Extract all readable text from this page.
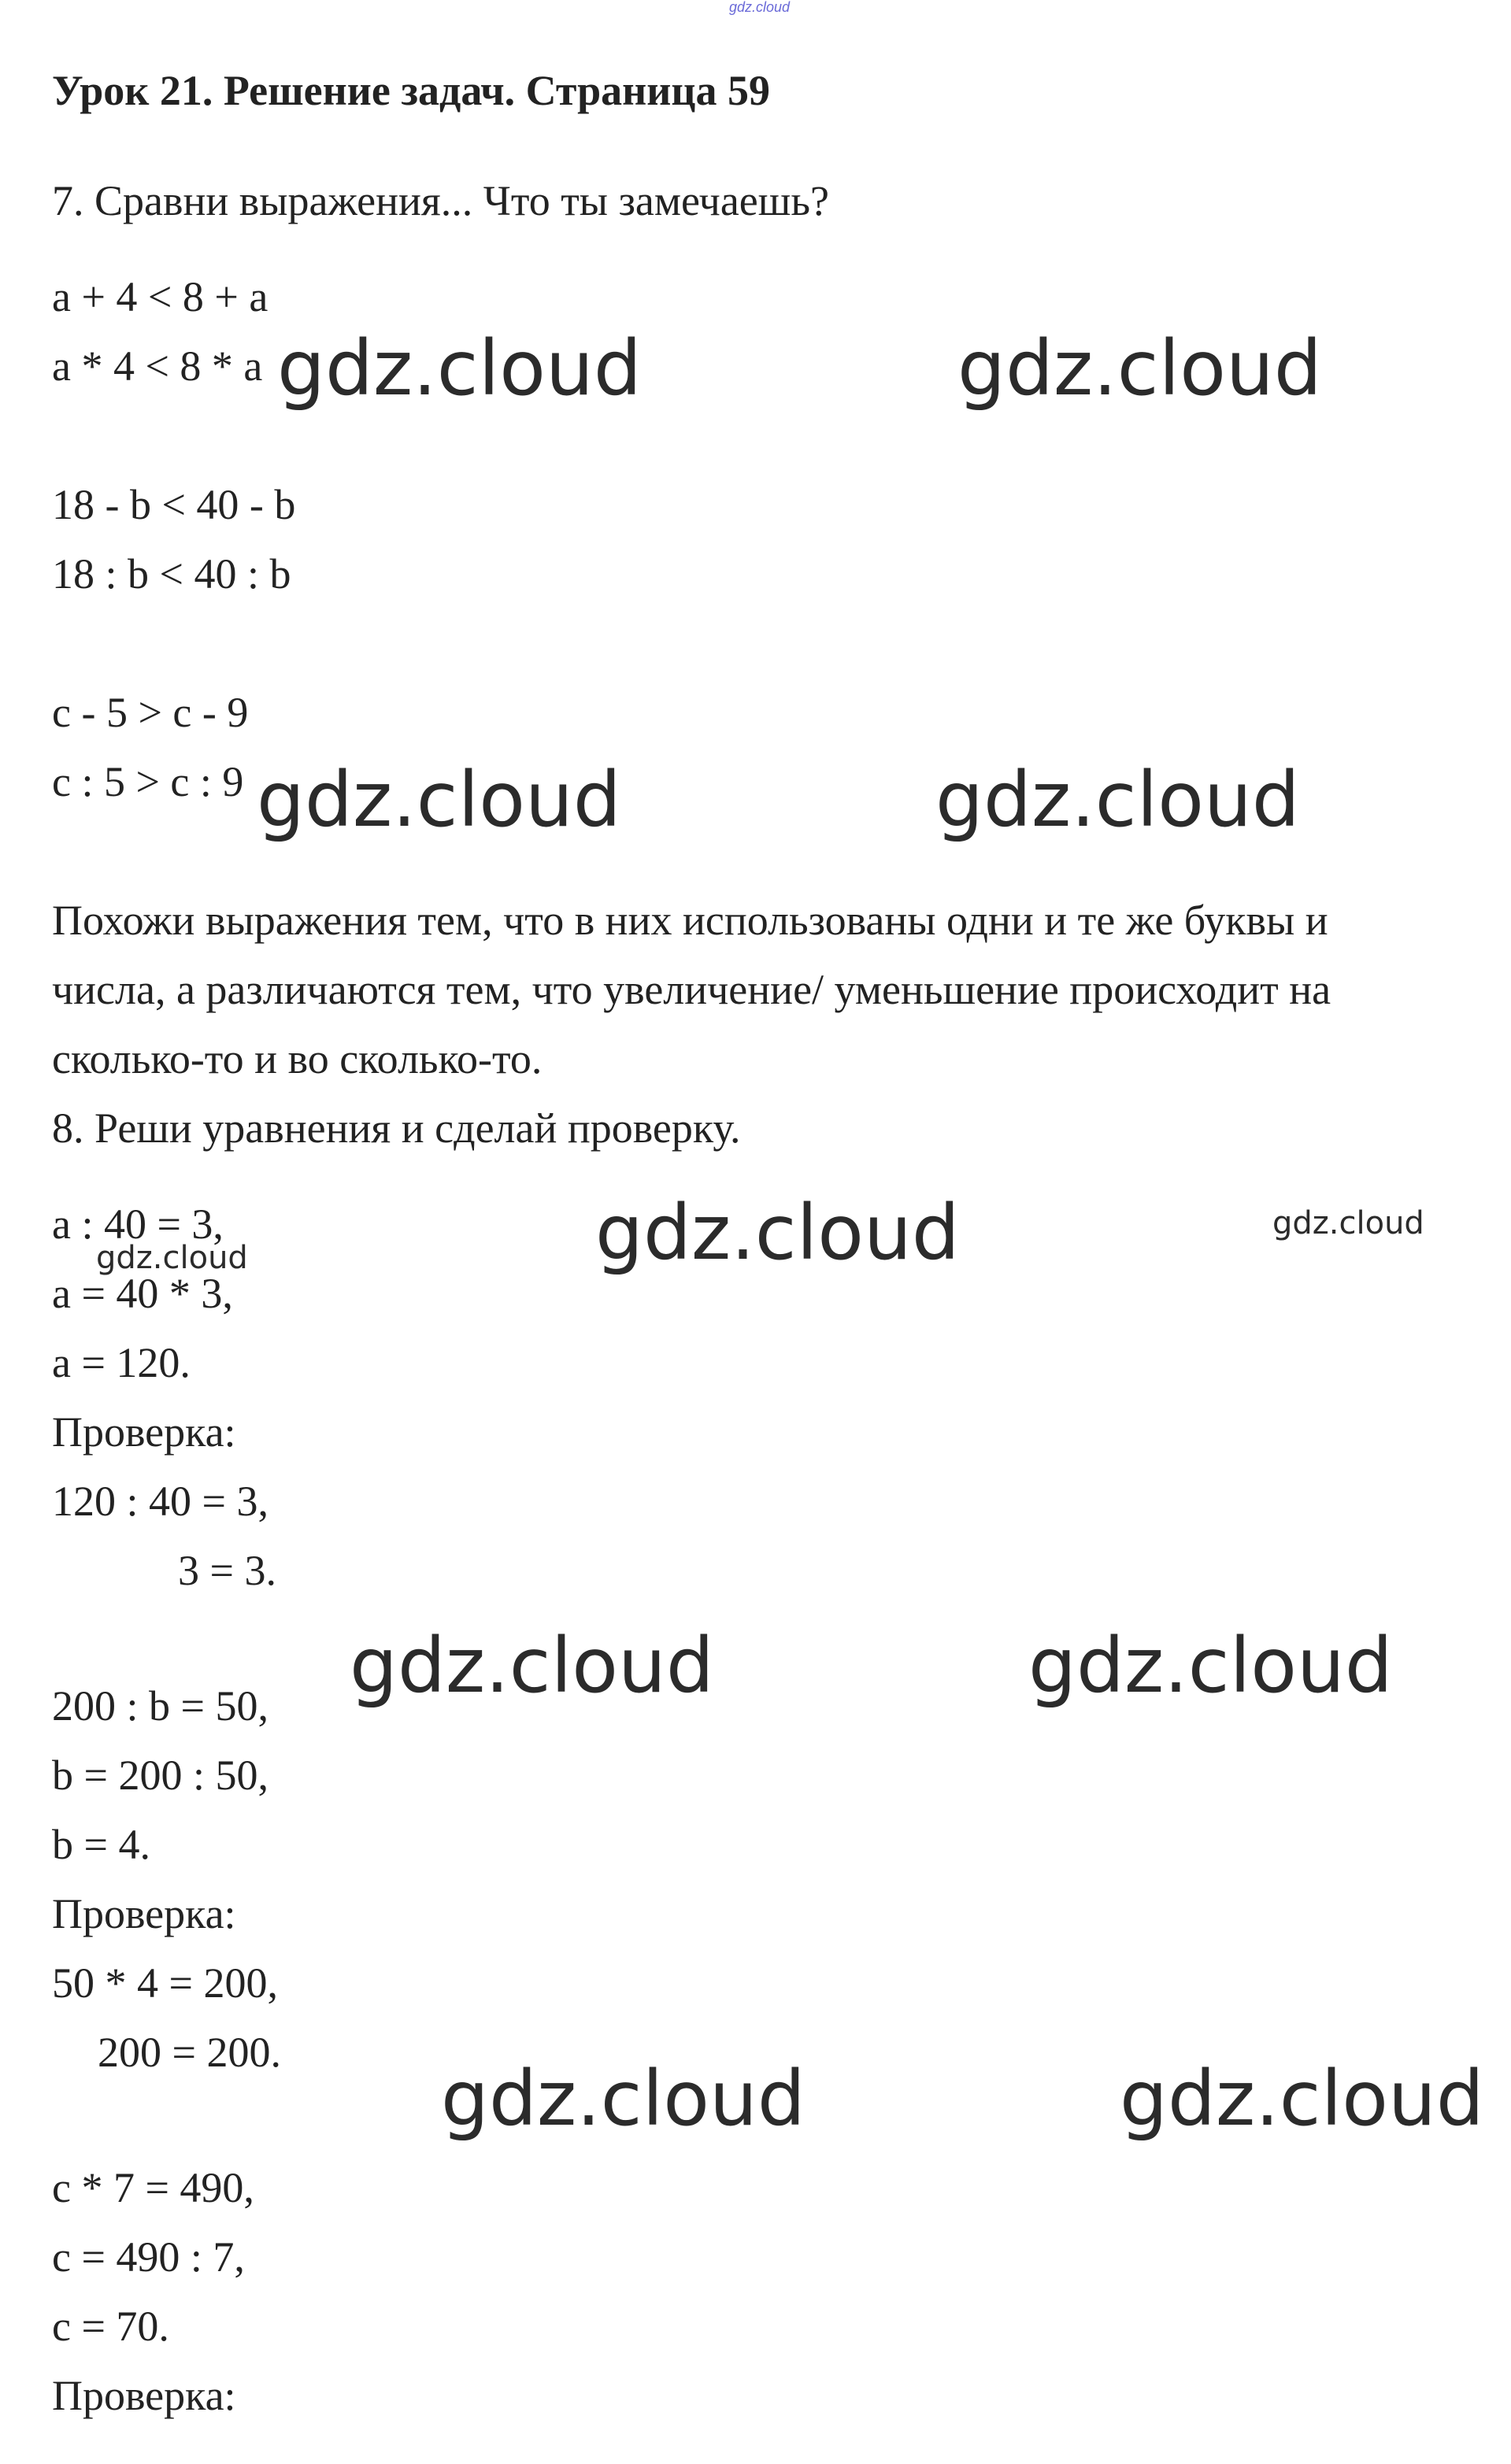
gdz.cloud
Урок 21. Решение задач. Страница 59
7. Сравни выражения... Что ты замечаешь?
a + 4 < 8 + a
a * 4 < 8 * a
18 - b < 40 - b
18 : b < 40 : b
c - 5 > c - 9
c : 5 > c : 9
Похожи выражения тем, что в них использованы одни и те же буквы и
числа, а различаются тем, что увеличение/ уменьшение происходит на
сколько-то и во сколько-то.
8. Реши уравнения и сделай проверку.
a : 40 = 3,
a = 40 * 3,
a = 120.
Проверка:
120 : 40 = 3,
3 = 3.
200 : b = 50,
b = 200 : 50,
b = 4.
Проверка:
50 * 4 = 200,
200 = 200.
c * 7 = 490,
c = 490 : 7,
c = 70.
Проверка:
gdz.cloud	gdz.cloud
gdz.cloud	gdz.cloud
gdz.cloud	gdz.cloud
gdz.cloud
gdz.cloud	gdz.cloud
gdz.cloud	gdz.cloud
